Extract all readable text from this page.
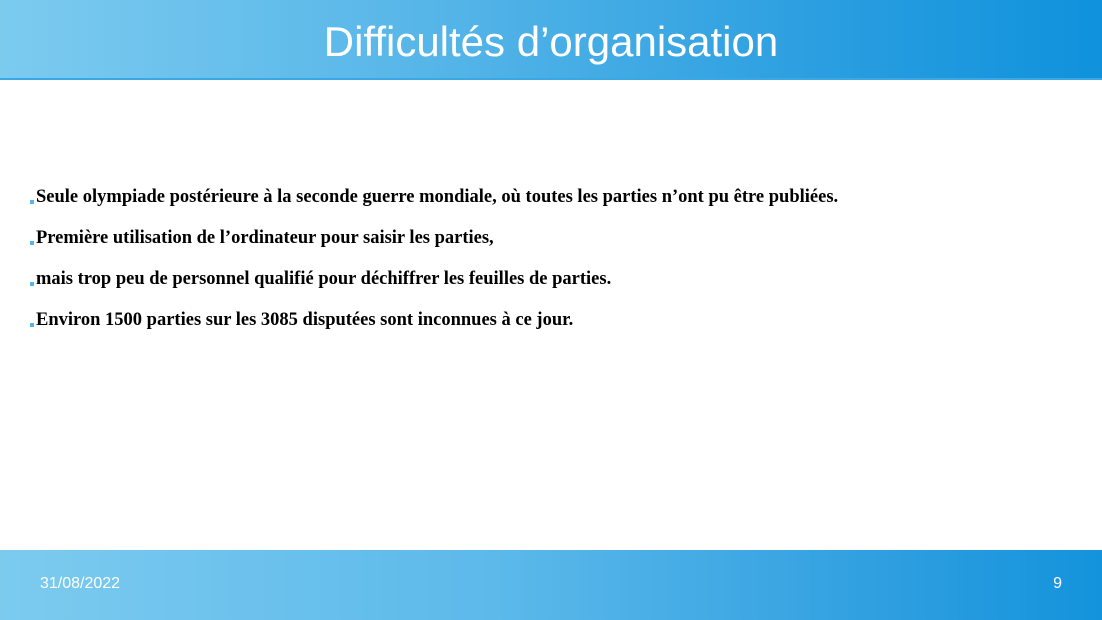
Difficultés d’organisation
Seule olympiade postérieure à la seconde guerre mondiale, où toutes les parties n’ont pu être publiées.
Première utilisation de l’ordinateur pour saisir les parties,
mais trop peu de personnel qualifié pour déchiffrer les feuilles de parties.
Environ 1500 parties sur les 3085 disputées sont inconnues à ce jour.
31/08/2022	9
